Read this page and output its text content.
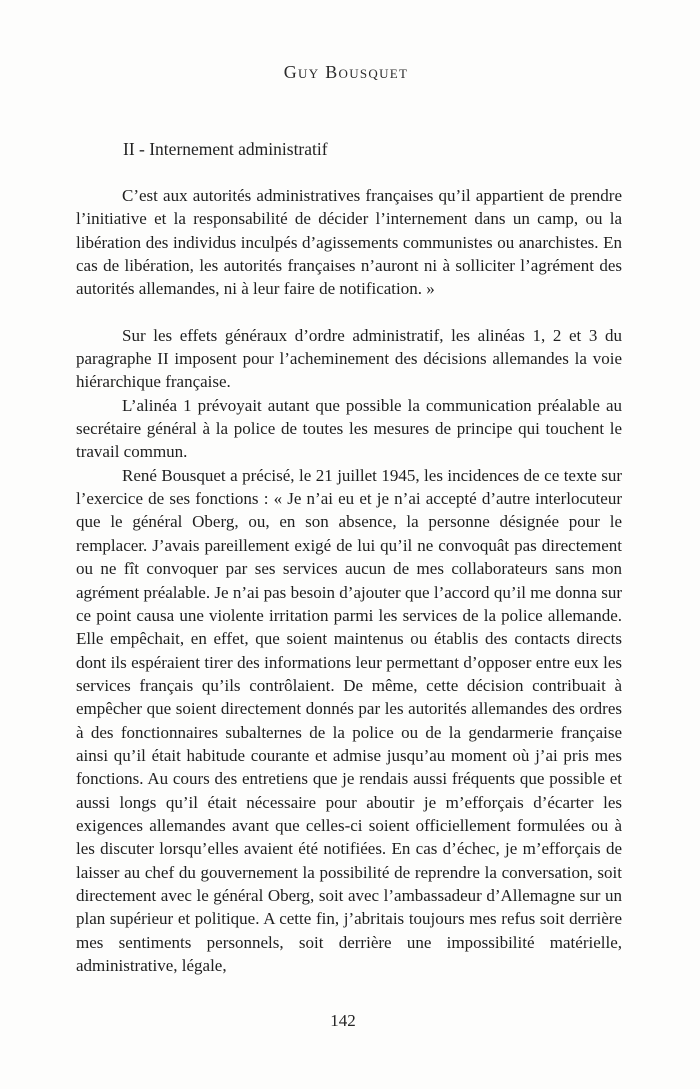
Guy Bousquet
II - Internement administratif

C’est aux autorités administratives françaises qu’il appartient de prendre l’initiative et la responsabilité de décider l’internement dans un camp, ou la libération des individus inculpés d’agissements communistes ou anarchistes. En cas de libération, les autorités françaises n’auront ni à solliciter l’agrément des autorités allemandes, ni à leur faire de notification. »

Sur les effets généraux d’ordre administratif, les alinéas 1, 2 et 3 du paragraphe II imposent pour l’acheminement des décisions allemandes la voie hiérarchique française.

L’alinéa 1 prévoyait autant que possible la communication préalable au secrétaire général à la police de toutes les mesures de principe qui touchent le travail commun.

René Bousquet a précisé, le 21 juillet 1945, les incidences de ce texte sur l’exercice de ses fonctions : « Je n’ai eu et je n’ai accepté d’autre interlocuteur que le général Oberg, ou, en son absence, la personne désignée pour le remplacer. J’avais pareillement exigé de lui qu’il ne convoquât pas directement ou ne fît convoquer par ses services aucun de mes collaborateurs sans mon agrément préalable. Je n’ai pas besoin d’ajouter que l’accord qu’il me donna sur ce point causa une violente irritation parmi les services de la police allemande. Elle empêchait, en effet, que soient maintenus ou établis des contacts directs dont ils espéraient tirer des informations leur permettant d’opposer entre eux les services français qu’ils contrôlaient. De même, cette décision contribuait à empêcher que soient directement donnés par les autorités allemandes des ordres à des fonctionnaires subalternes de la police ou de la gendarmerie française ainsi qu’il était habitude courante et admise jusqu’au moment où j’ai pris mes fonctions. Au cours des entretiens que je rendais aussi fréquents que possible et aussi longs qu’il était nécessaire pour aboutir je m’efforçais d’écarter les exigences allemandes avant que celles-ci soient officiellement formulées ou à les discuter lorsqu’elles avaient été notifiées. En cas d’échec, je m’efforçais de laisser au chef du gouvernement la possibilité de reprendre la conversation, soit directement avec le général Oberg, soit avec l’ambassadeur d’Allemagne sur un plan supérieur et politique. A cette fin, j’abritais toujours mes refus soit derrière mes sentiments personnels, soit derrière une impossibilité matérielle, administrative, légale,

142
